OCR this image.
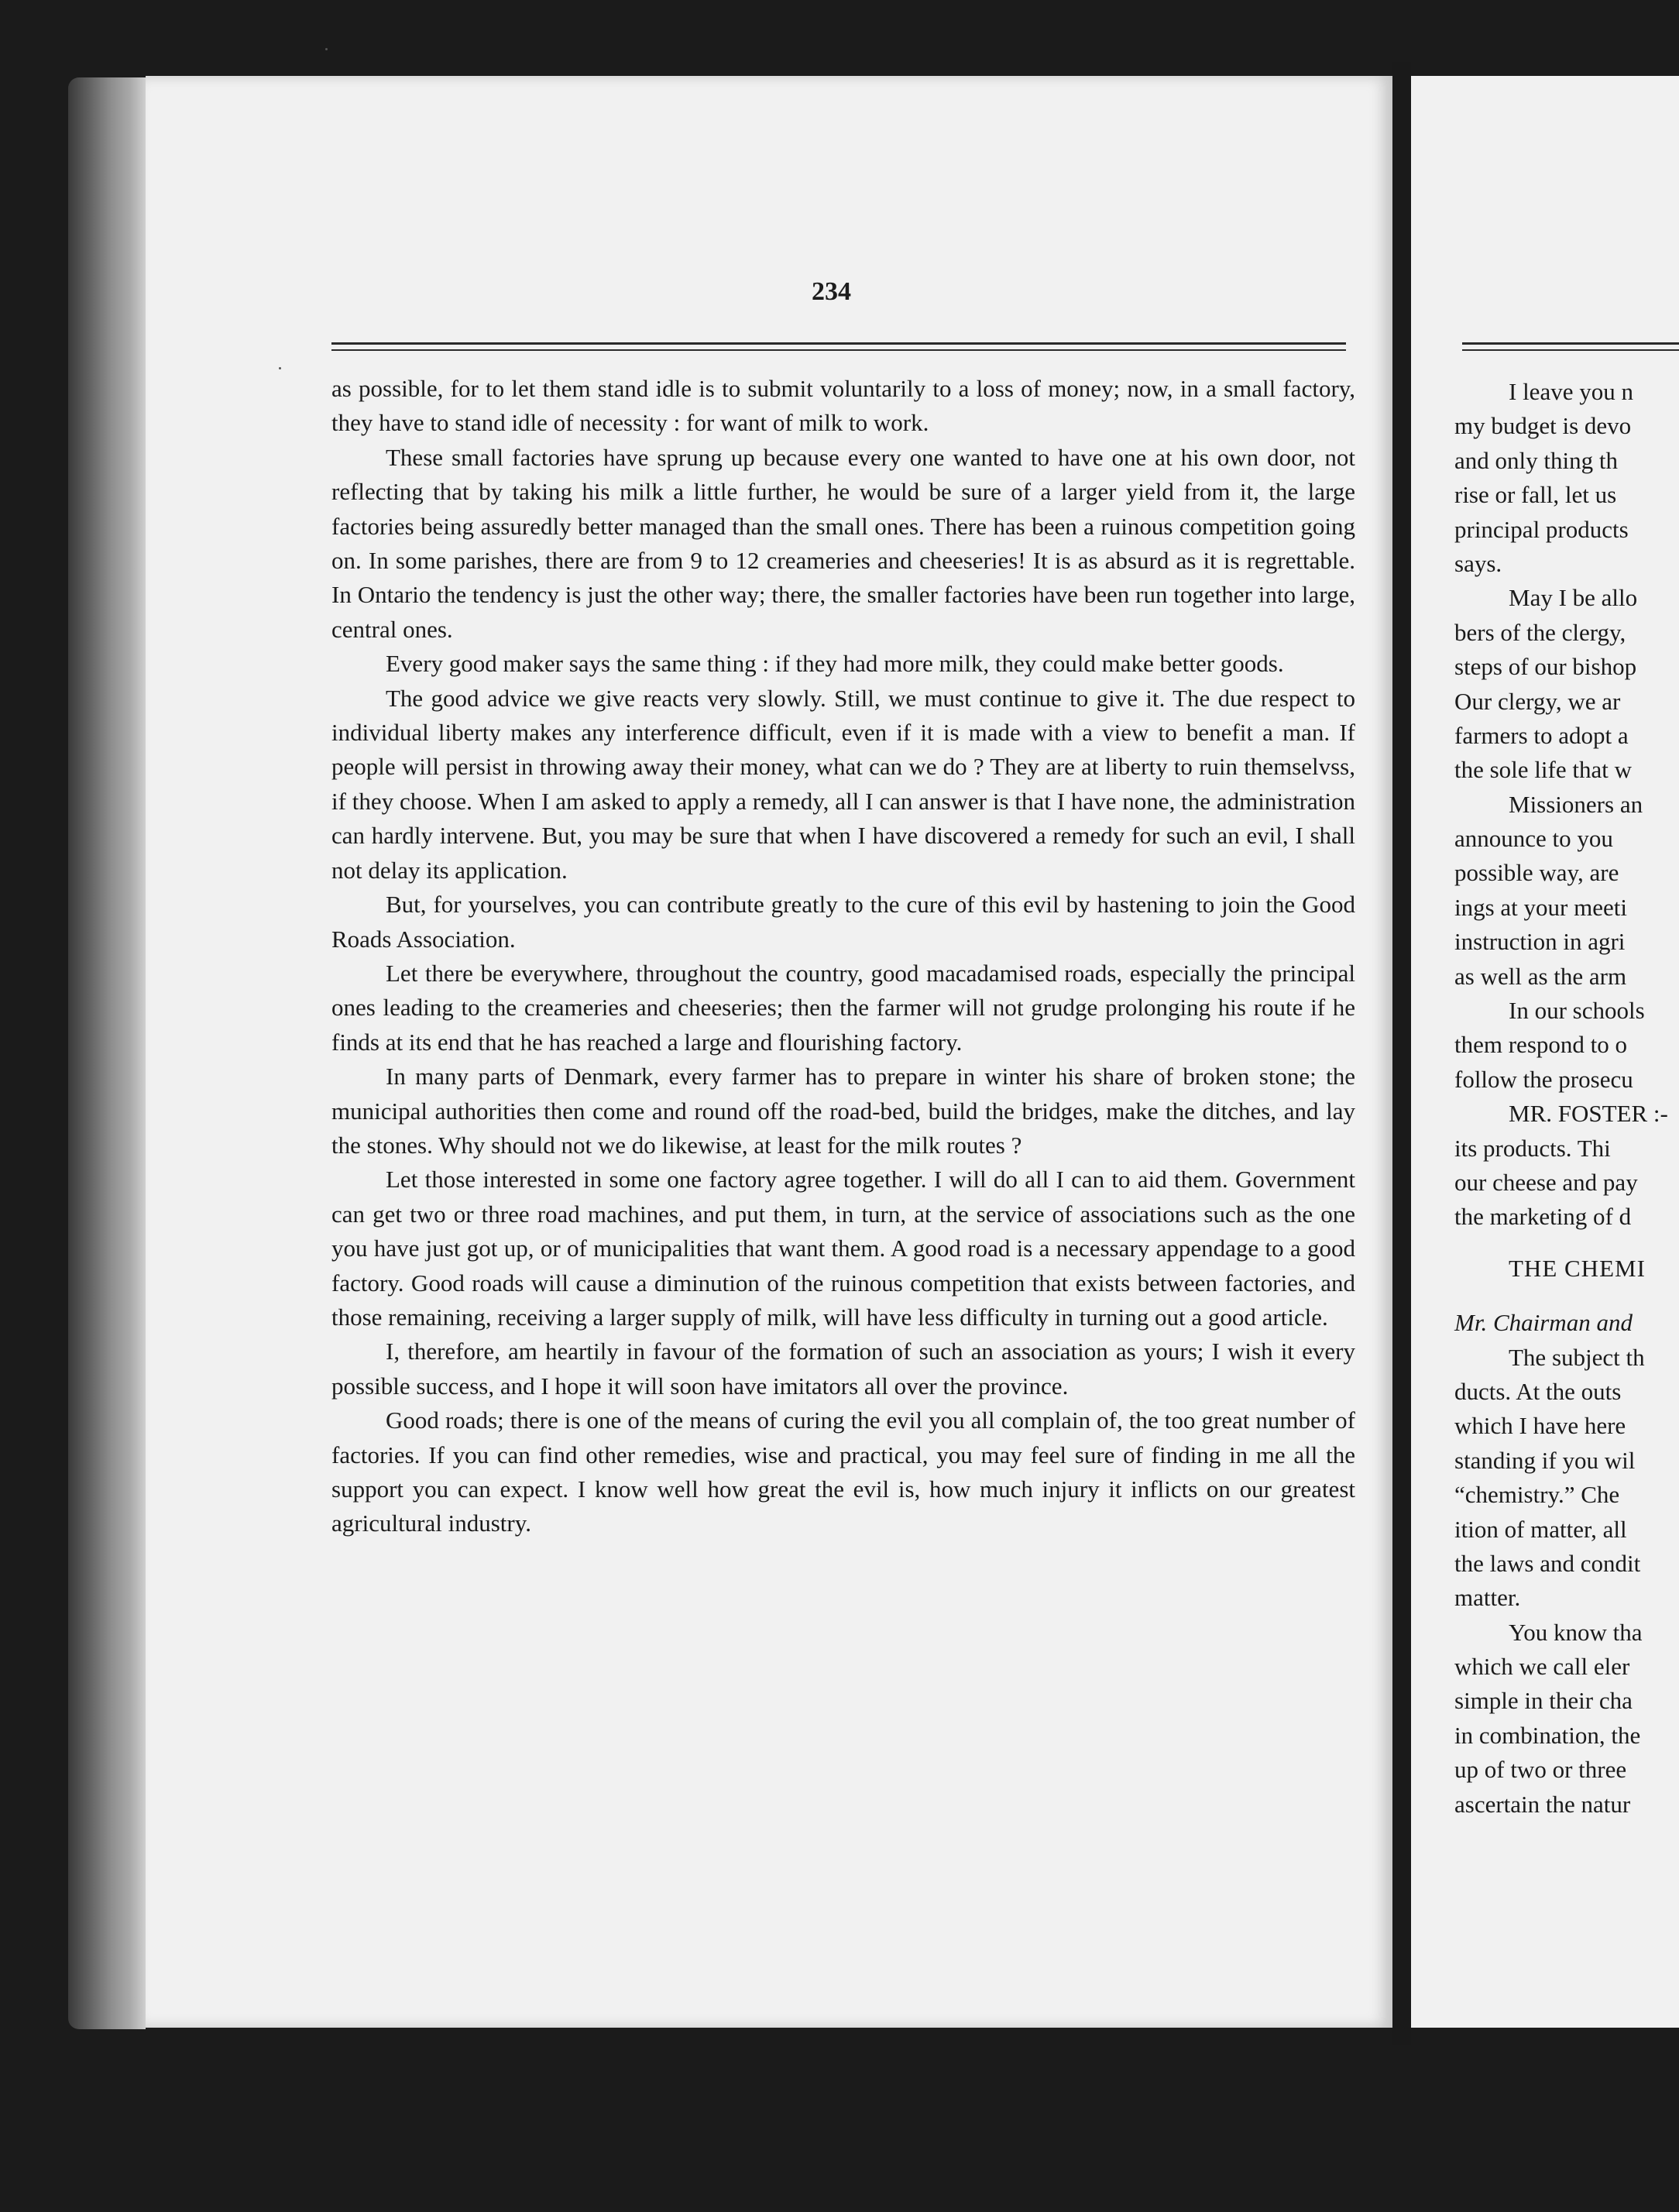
234

as possible, for to let them stand idle is to submit voluntarily to a loss of money; now, in a small factory, they have to stand idle of necessity : for want of milk to work.

These small factories have sprung up because every one wanted to have one at his own door, not reflecting that by taking his milk a little further, he would be sure of a larger yield from it, the large factories being assuredly better managed than the small ones. There has been a ruinous competition going on. In some parishes, there are from 9 to 12 creameries and cheeseries! It is as absurd as it is regrettable. In Ontario the tendency is just the other way; there, the smaller factories have been run together into large, central ones.

Every good maker says the same thing : if they had more milk, they could make better goods.

The good advice we give reacts very slowly. Still, we must continue to give it. The due respect to individual liberty makes any interference difficult, even if it is made with a view to benefit a man. If people will persist in throwing away their money, what can we do ? They are at liberty to ruin themselvss, if they choose. When I am asked to apply a remedy, all I can answer is that I have none, the administration can hardly intervene. But, you may be sure that when I have discovered a remedy for such an evil, I shall not delay its application.

But, for yourselves, you can contribute greatly to the cure of this evil by hastening to join the Good Roads Association.

Let there be everywhere, throughout the country, good macadamised roads, especially the principal ones leading to the creameries and cheeseries; then the farmer will not grudge prolonging his route if he finds at its end that he has reached a large and flourishing factory.

In many parts of Denmark, every farmer has to prepare in winter his share of broken stone; the municipal authorities then come and round off the road-bed, build the bridges, make the ditches, and lay the stones. Why should not we do likewise, at least for the milk routes ?

Let those interested in some one factory agree together. I will do all I can to aid them. Government can get two or three road machines, and put them, in turn, at the service of associations such as the one you have just got up, or of municipalities that want them. A good road is a necessary appendage to a good factory. Good roads will cause a diminution of the ruinous competition that exists between factories, and those remaining, receiving a larger supply of milk, will have less difficulty in turning out a good article.

I, therefore, am heartily in favour of the formation of such an association as yours; I wish it every possible success, and I hope it will soon have imitators all over the province.

Good roads; there is one of the means of curing the evil you all complain of, the too great number of factories. If you can find other remedies, wise and practical, you may feel sure of finding in me all the support you can expect. I know well how great the evil is, how much injury it inflicts on our greatest agricultural industry.

I leave you n
my budget is devo
and only thing th
rise or fall, let us
principal products
says.
May I be allo
bers of the clergy,
steps of our bishop
Our clergy, we ar
farmers to adopt a
the sole life that w
Missioners an
announce to you
possible way, are
ings at your meeti
instruction in agri
as well as the arm
In our schools
them respond to o
follow the prosecu
MR. FOSTER :-
its products. Thi
our cheese and pay
the marketing of d
THE CHEMI
Mr. Chairman and
The subject th
ducts. At the outs
which I have here
standing if you wil
“chemistry.” Che
ition of matter, all
the laws and condit
matter.
You know tha
which we call eler
simple in their cha
in combination, the
up of two or three
ascertain the natur
